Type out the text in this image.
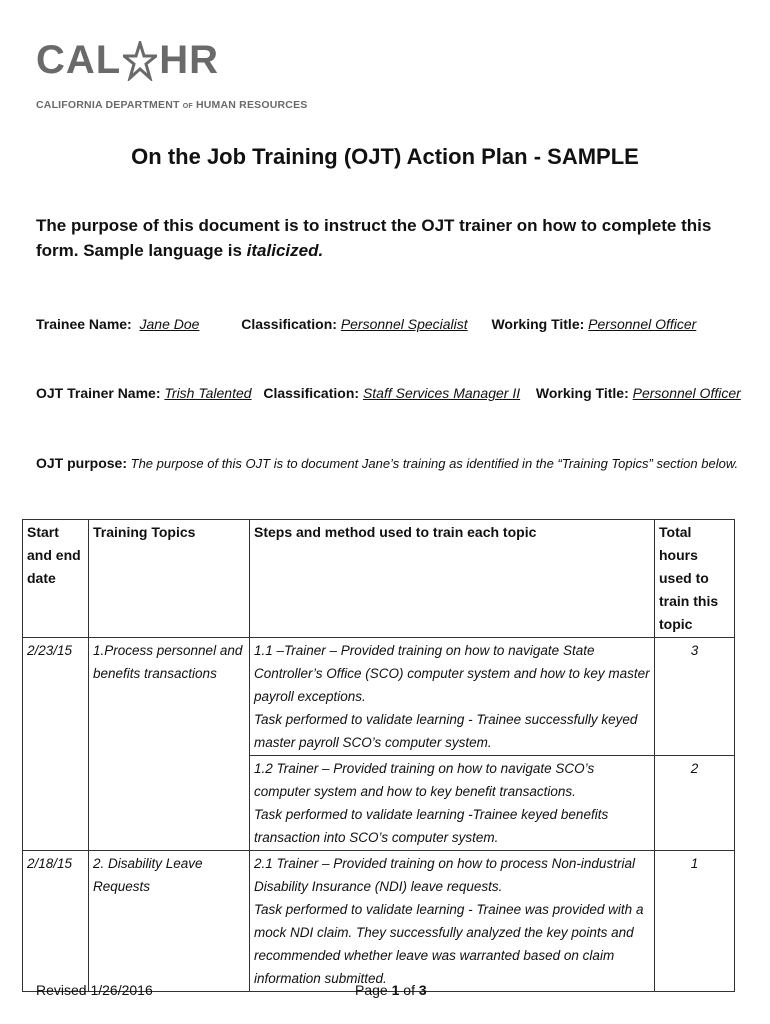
CAL HR
CALIFORNIA DEPARTMENT OF HUMAN RESOURCES
On the Job Training (OJT) Action Plan - SAMPLE
The purpose of this document is to instruct the OJT trainer on how to complete this form. Sample language is italicized.
Trainee Name: Jane Doe	Classification: Personnel Specialist Working Title: Personnel Officer
OJT Trainer Name: Trish Talented Classification: Staff Services Manager II Working Title: Personnel Officer
OJT purpose: The purpose of this OJT is to document Jane’s training as identified in the “Training Topics” section below.
Start and end date	Training Topics	Steps and method used to train each topic	Total hours used to train this topic
2/23/15	1.Process personnel and benefits transactions	1.1 –Trainer – Provided training on how to navigate State Controller’s Office (SCO) computer system and how to key master payroll exceptions.
Task performed to validate learning - Trainee successfully keyed master payroll SCO’s computer system.	3

		1.2 Trainer – Provided training on how to navigate SCO’s computer system and how to key benefit transactions.
Task performed to validate learning -Trainee keyed benefits transaction into SCO’s computer system.	2
2/18/15	2. Disability Leave Requests	2.1 Trainer – Provided training on how to process Non-industrial Disability Insurance (NDI) leave requests.
Task performed to validate learning - Trainee was provided with a mock NDI claim. They successfully analyzed the key points and recommended whether leave was warranted based on claim information submitted.	1
Revised 1/26/2016	Page 1 of 3
